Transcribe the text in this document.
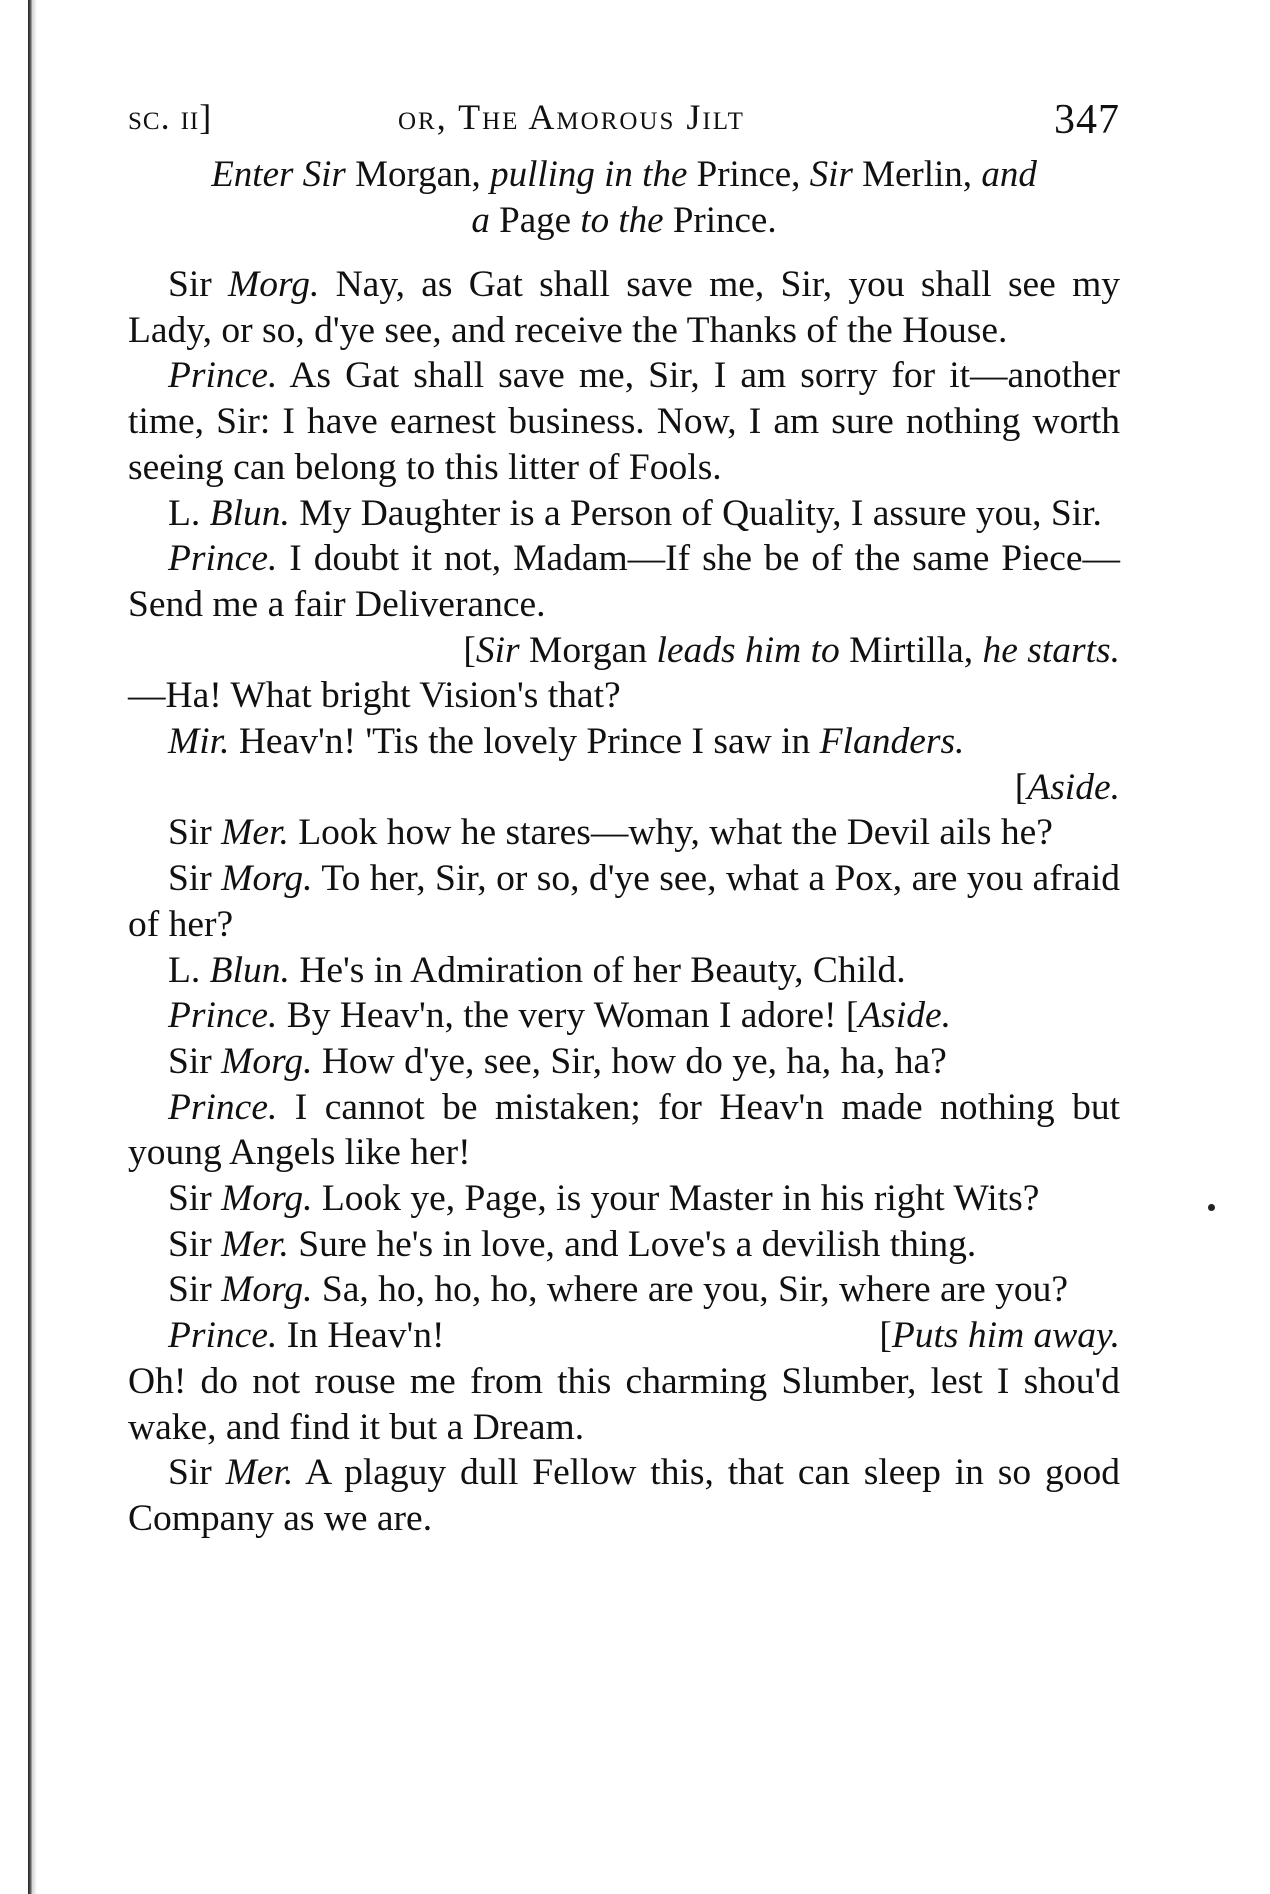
sc. ii]	or, The Amorous Jilt	347
Enter Sir Morgan, pulling in the Prince, Sir Merlin, and
a Page to the Prince.

Sir Morg. Nay, as Gat shall save me, Sir, you shall see my Lady, or so, d'ye see, and receive the Thanks of the House.

Prince. As Gat shall save me, Sir, I am sorry for it—another time, Sir: I have earnest business. Now, I am sure nothing worth seeing can belong to this litter of Fools.

L. Blun. My Daughter is a Person of Quality, I assure you, Sir.

Prince. I doubt it not, Madam—If she be of the same Piece—Send me a fair Deliverance.

[Sir Morgan leads him to Mirtilla, he starts.

—Ha! What bright Vision's that?

Mir. Heav'n! 'Tis the lovely Prince I saw in Flanders.

[Aside.

Sir Mer. Look how he stares—why, what the Devil ails he?

Sir Morg. To her, Sir, or so, d'ye see, what a Pox, are you afraid of her?

L. Blun. He's in Admiration of her Beauty, Child.

Prince. By Heav'n, the very Woman I adore! [Aside.

Sir Morg. How d'ye, see, Sir, how do ye, ha, ha, ha?

Prince. I cannot be mistaken; for Heav'n made nothing but young Angels like her!

Sir Morg. Look ye, Page, is your Master in his right Wits?

Sir Mer. Sure he's in love, and Love's a devilish thing.

Sir Morg. Sa, ho, ho, ho, where are you, Sir, where are you?

Prince. In Heav'n!	[Puts him away.

Oh! do not rouse me from this charming Slumber, lest I shou'd wake, and find it but a Dream.

Sir Mer. A plaguy dull Fellow this, that can sleep in so good Company as we are.
